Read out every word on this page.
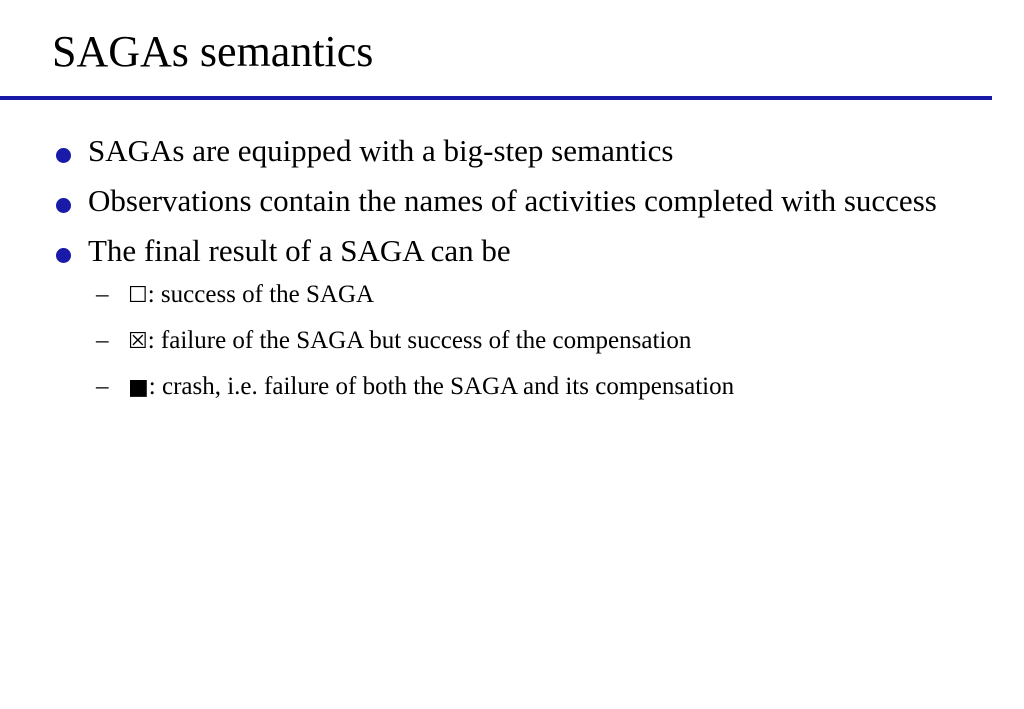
SAGAs semantics
SAGAs are equipped with a big-step semantics
Observations contain the names of activities completed with success
The final result of a SAGA can be
– ☐: success of the SAGA
– ☒: failure of the SAGA but success of the compensation
– ■: crash, i.e. failure of both the SAGA and its compensation
